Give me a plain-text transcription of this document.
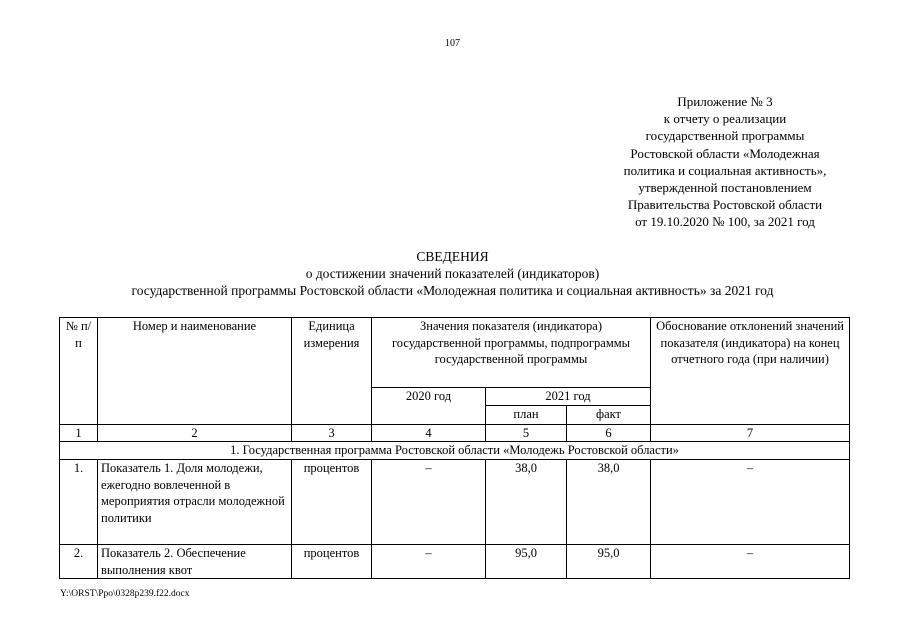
107
Приложение № 3
к отчету о реализации
государственной программы
Ростовской области «Молодежная
политика и социальная активность»,
утвержденной постановлением
Правительства Ростовской области
от 19.10.2020 № 100, за 2021 год
СВЕДЕНИЯ
о достижении значений показателей (индикаторов)
государственной программы Ростовской области «Молодежная политика и социальная активность» за 2021 год
№ п/п	Номер и наименование	Единица измерения	Значения показателя (индикатора) государственной программы, подпрограммы государственной программы			Обоснование отклонений значений показателя (индикатора) на конец отчетного года (при наличии)
			2020 год	2021 год		
				план	факт	
1	2	3	4	5	6	7
1. Государственная программа Ростовской области «Молодежь Ростовской области»						
1.	Показатель 1. Доля молодежи, ежегодно вовлеченной в мероприятия отрасли молодежной политики	процентов	–	38,0	38,0	–
2.	Показатель 2. Обеспечение выполнения квот	процентов	–	95,0	95,0	–
Y:\ORST\Ppo\0328p239.f22.docx
